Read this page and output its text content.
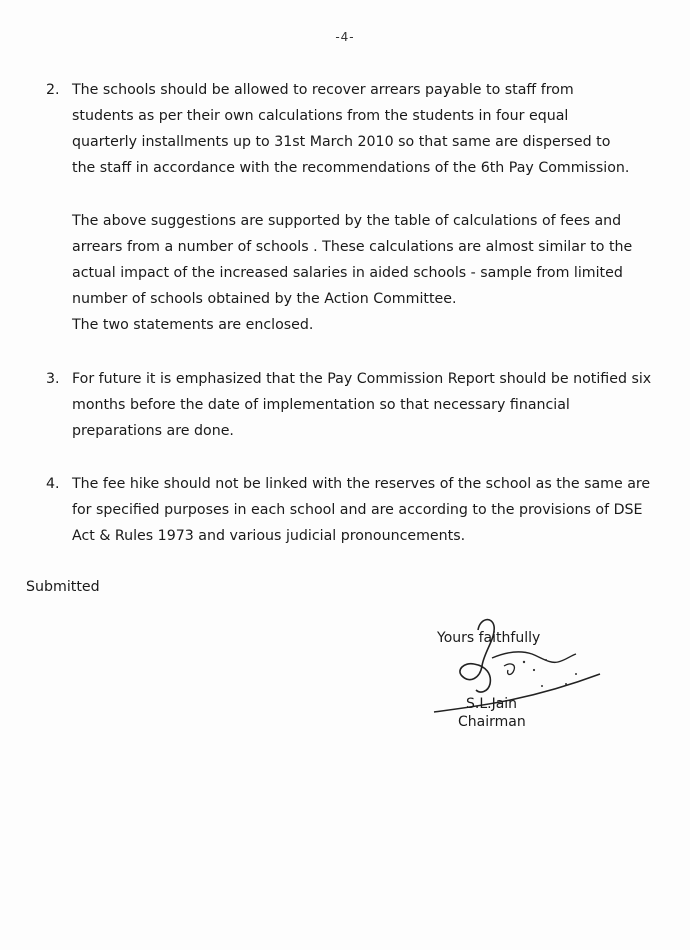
-4-
2. The schools should be allowed to recover arrears payable to staff from
students as per their own calculations from the students in four equal
quarterly installments up to 31st March 2010 so that same are dispersed to
the staff in accordance with the recommendations of the 6th Pay Commission.
The above suggestions are supported by the table of calculations of fees and
arrears from a number of schools . These calculations are almost similar to the
actual impact of the increased salaries in aided schools - sample from limited
number of schools obtained by the Action Committee.
The two statements are enclosed.
3. For future it is emphasized that the Pay Commission Report should be notified six
months before the date of implementation so that necessary financial
preparations are done.
4. The fee hike should not be linked with the reserves of the school as the same are
for specified purposes in each school and are according to the provisions of DSE
Act & Rules 1973 and various judicial pronouncements.
Submitted
Yours faithfully
S.L.Jain
Chairman
